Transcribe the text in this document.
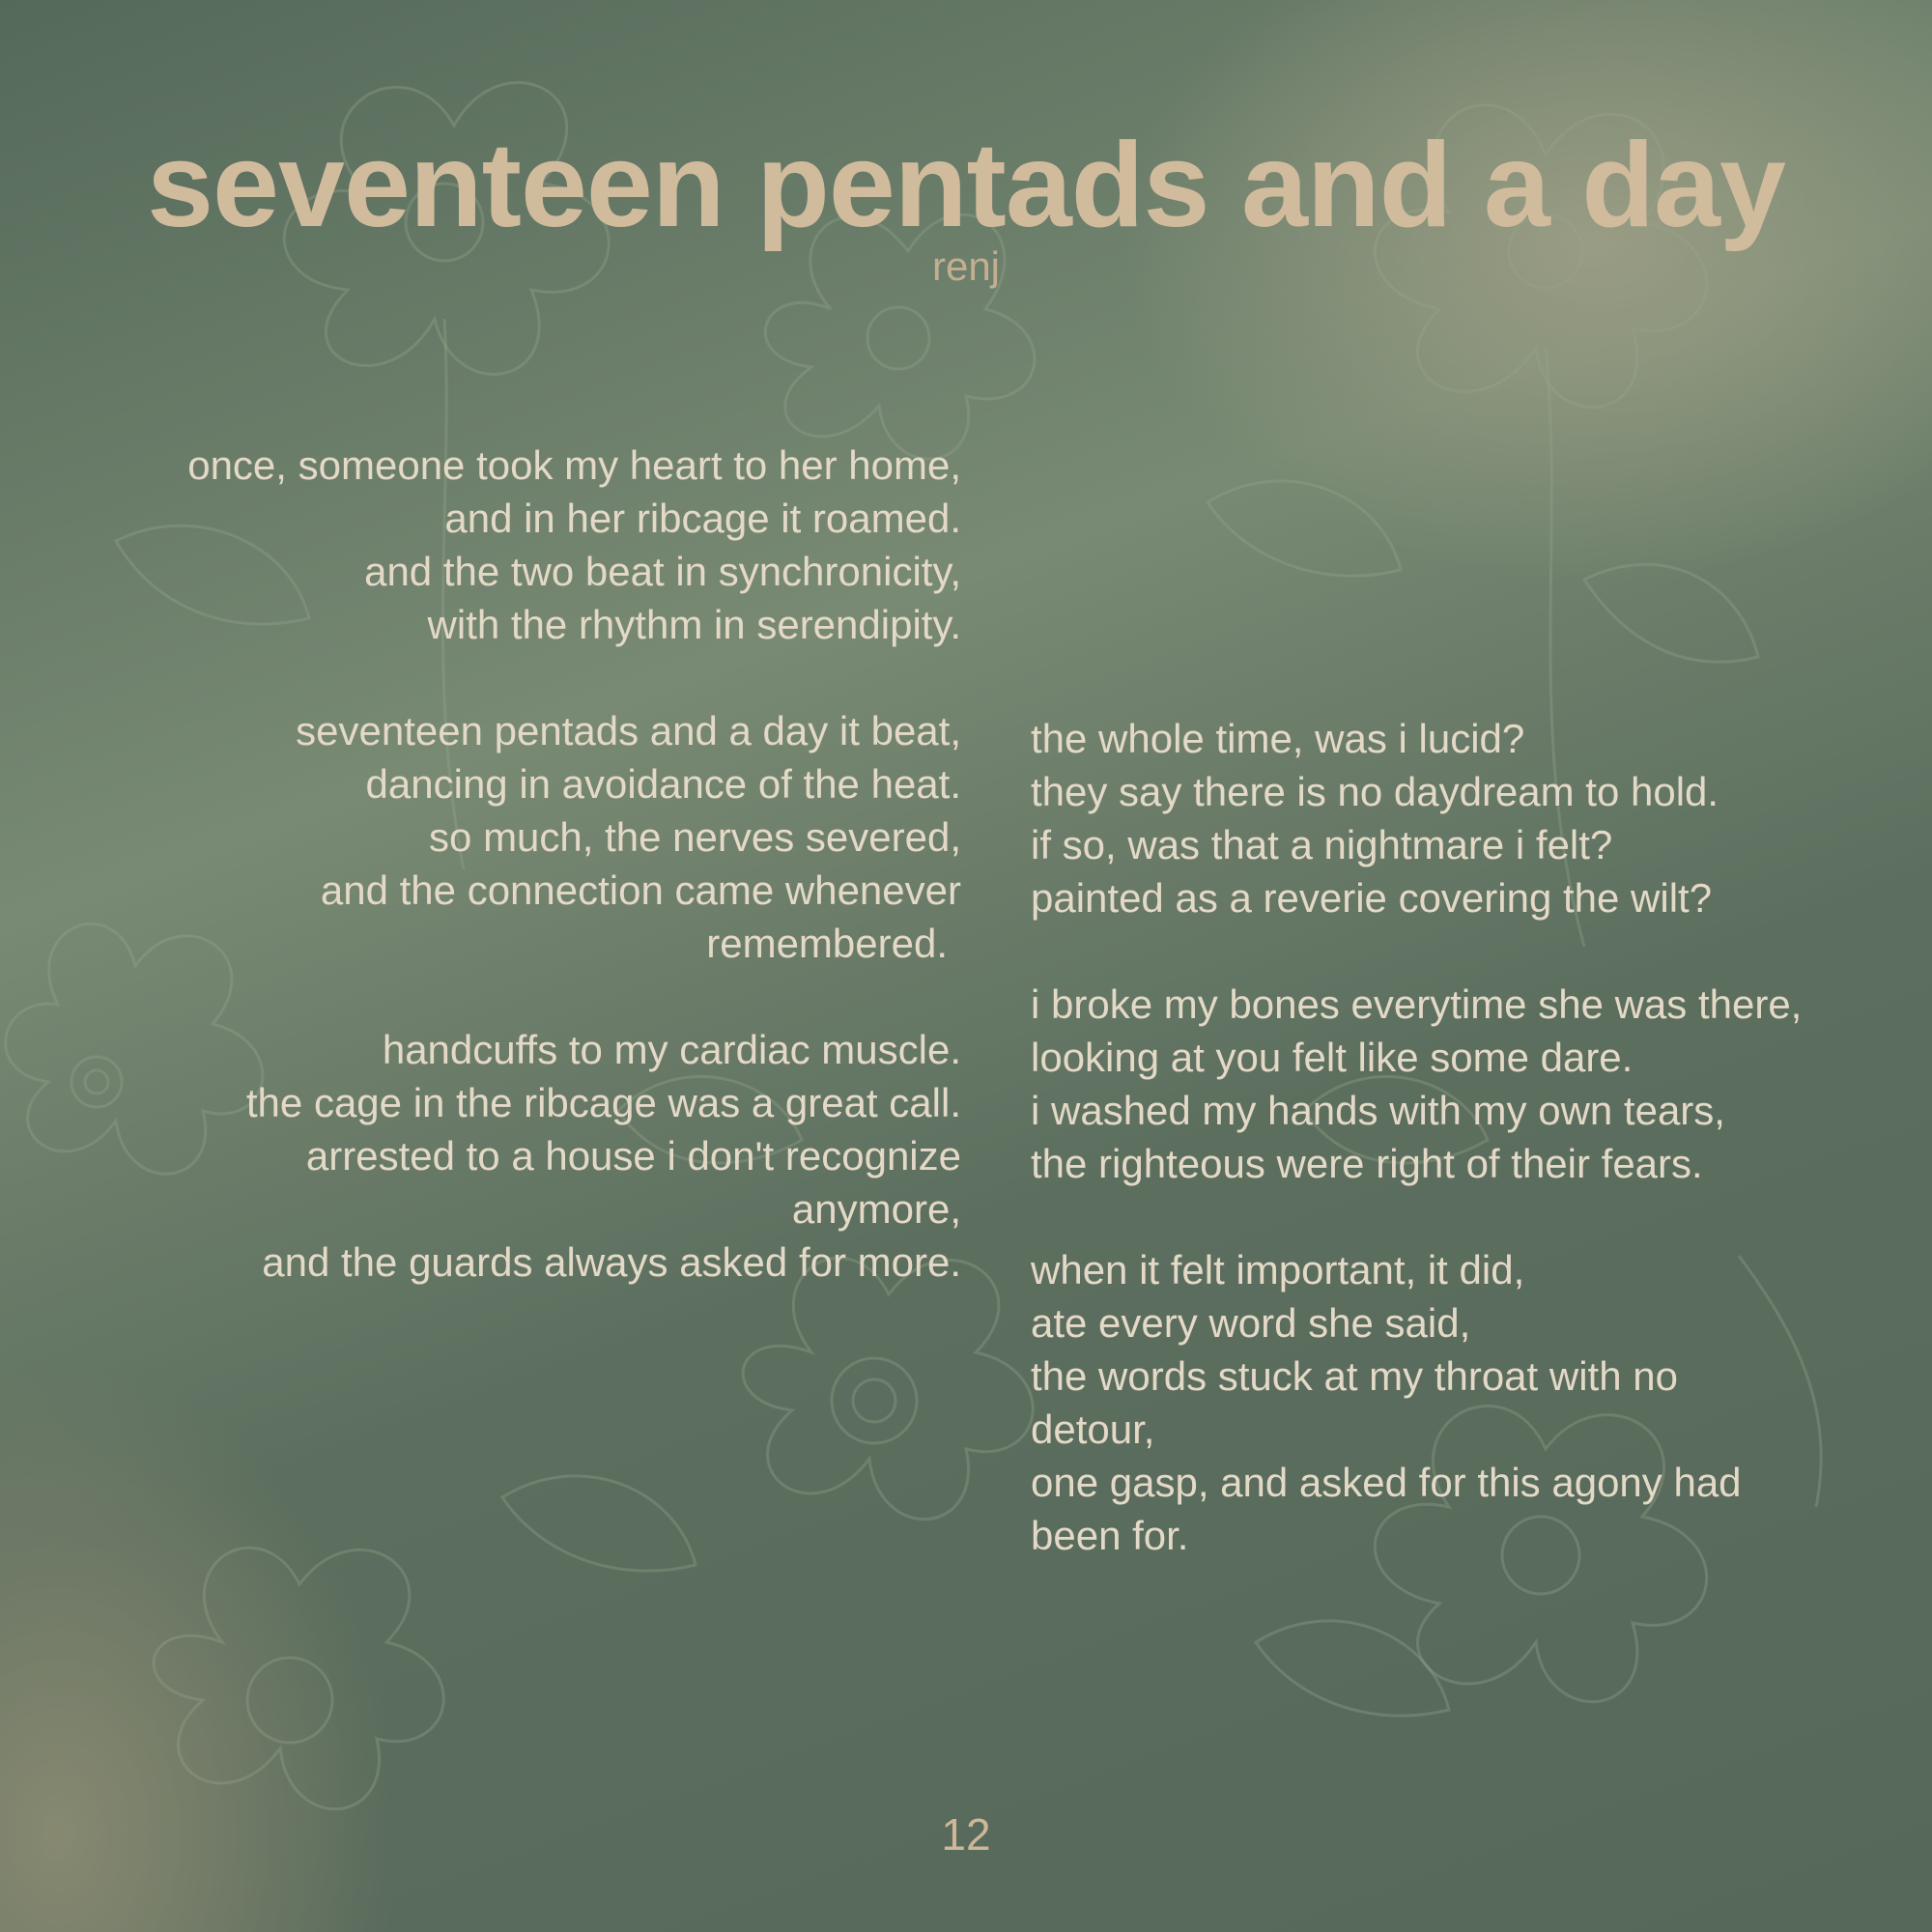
seventeen pentads and a day
renj
once, someone took my heart to her home,
and in her ribcage it roamed.
and the two beat in synchronicity,
with the rhythm in serendipity.
seventeen pentads and a day it beat,
dancing in avoidance of the heat.
so much, the nerves severed,
and the connection came whenever
remembered.
handcuffs to my cardiac muscle.
the cage in the ribcage was a great call.
arrested to a house i don't recognize
anymore,
and the guards always asked for more.
the whole time, was i lucid?
they say there is no daydream to hold.
if so, was that a nightmare i felt?
painted as a reverie covering the wilt?
i broke my bones everytime she was there,
looking at you felt like some dare.
i washed my hands with my own tears,
the righteous were right of their fears.
when it felt important, it did,
ate every word she said,
the words stuck at my throat with no
detour,
one gasp, and asked for this agony had
been for.
12
